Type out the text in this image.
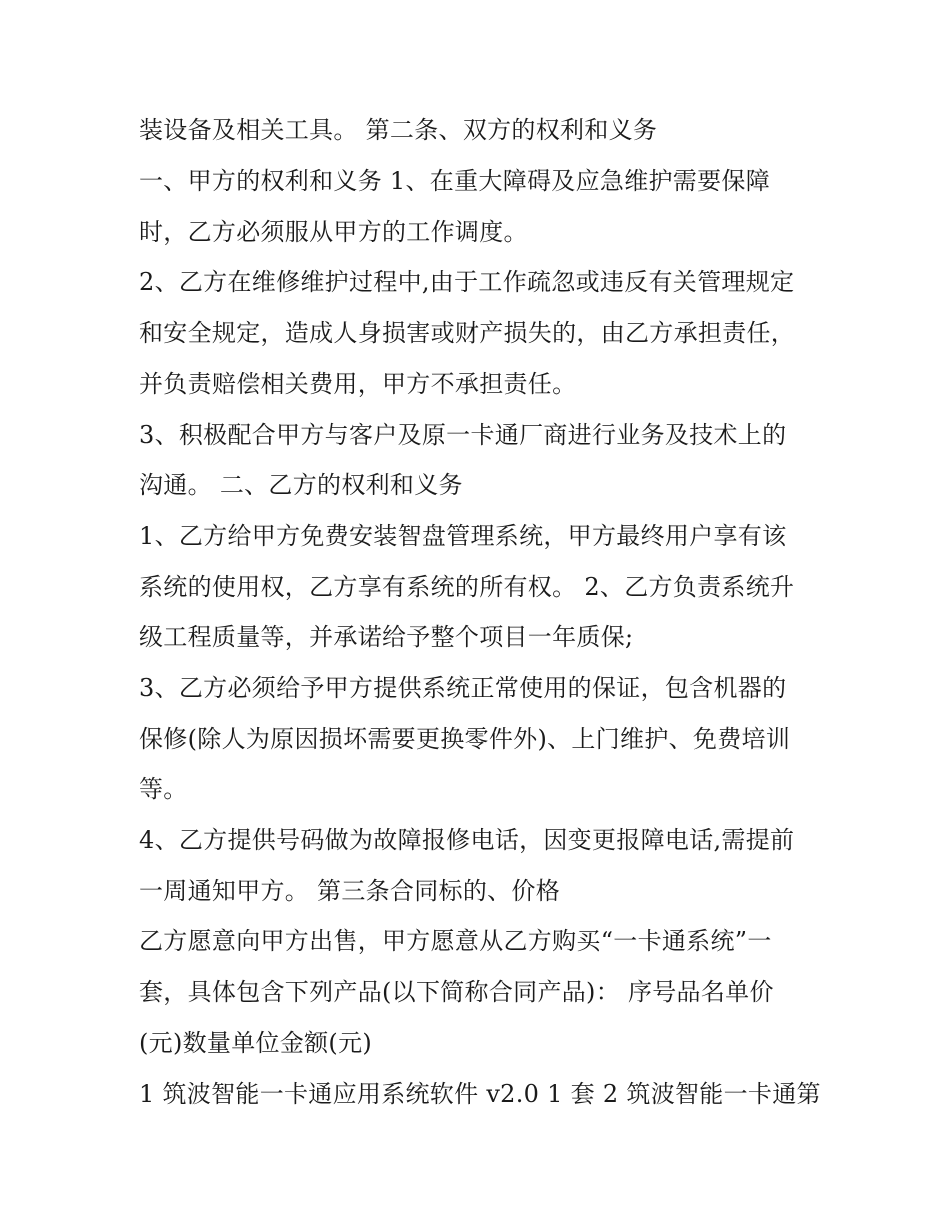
装设备及相关工具。 第二条、双方的权利和义务
一、甲方的权利和义务 1、在重大障碍及应急维护需要保障
时，乙方必须服从甲方的工作调度。
2、乙方在维修维护过程中,由于工作疏忽或违反有关管理规定
和安全规定，造成人身损害或财产损失的，由乙方承担责任，
并负责赔偿相关费用，甲方不承担责任。
3、积极配合甲方与客户及原一卡通厂商进行业务及技术上的
沟通。 二、乙方的权利和义务
1、乙方给甲方免费安装智盘管理系统，甲方最终用户享有该
系统的使用权，乙方享有系统的所有权。 2、乙方负责系统升
级工程质量等，并承诺给予整个项目一年质保;
3、乙方必须给予甲方提供系统正常使用的保证，包含机器的
保修(除人为原因损坏需要更换零件外)、上门维护、免费培训
等。
4、乙方提供号码做为故障报修电话，因变更报障电话,需提前
一周通知甲方。 第三条合同标的、价格
乙方愿意向甲方出售，甲方愿意从乙方购买“一卡通系统”一
套，具体包含下列产品(以下简称合同产品)： 序号品名单价
(元)数量单位金额(元)
1 筑波智能一卡通应用系统软件 v2.0 1 套 2 筑波智能一卡通第
